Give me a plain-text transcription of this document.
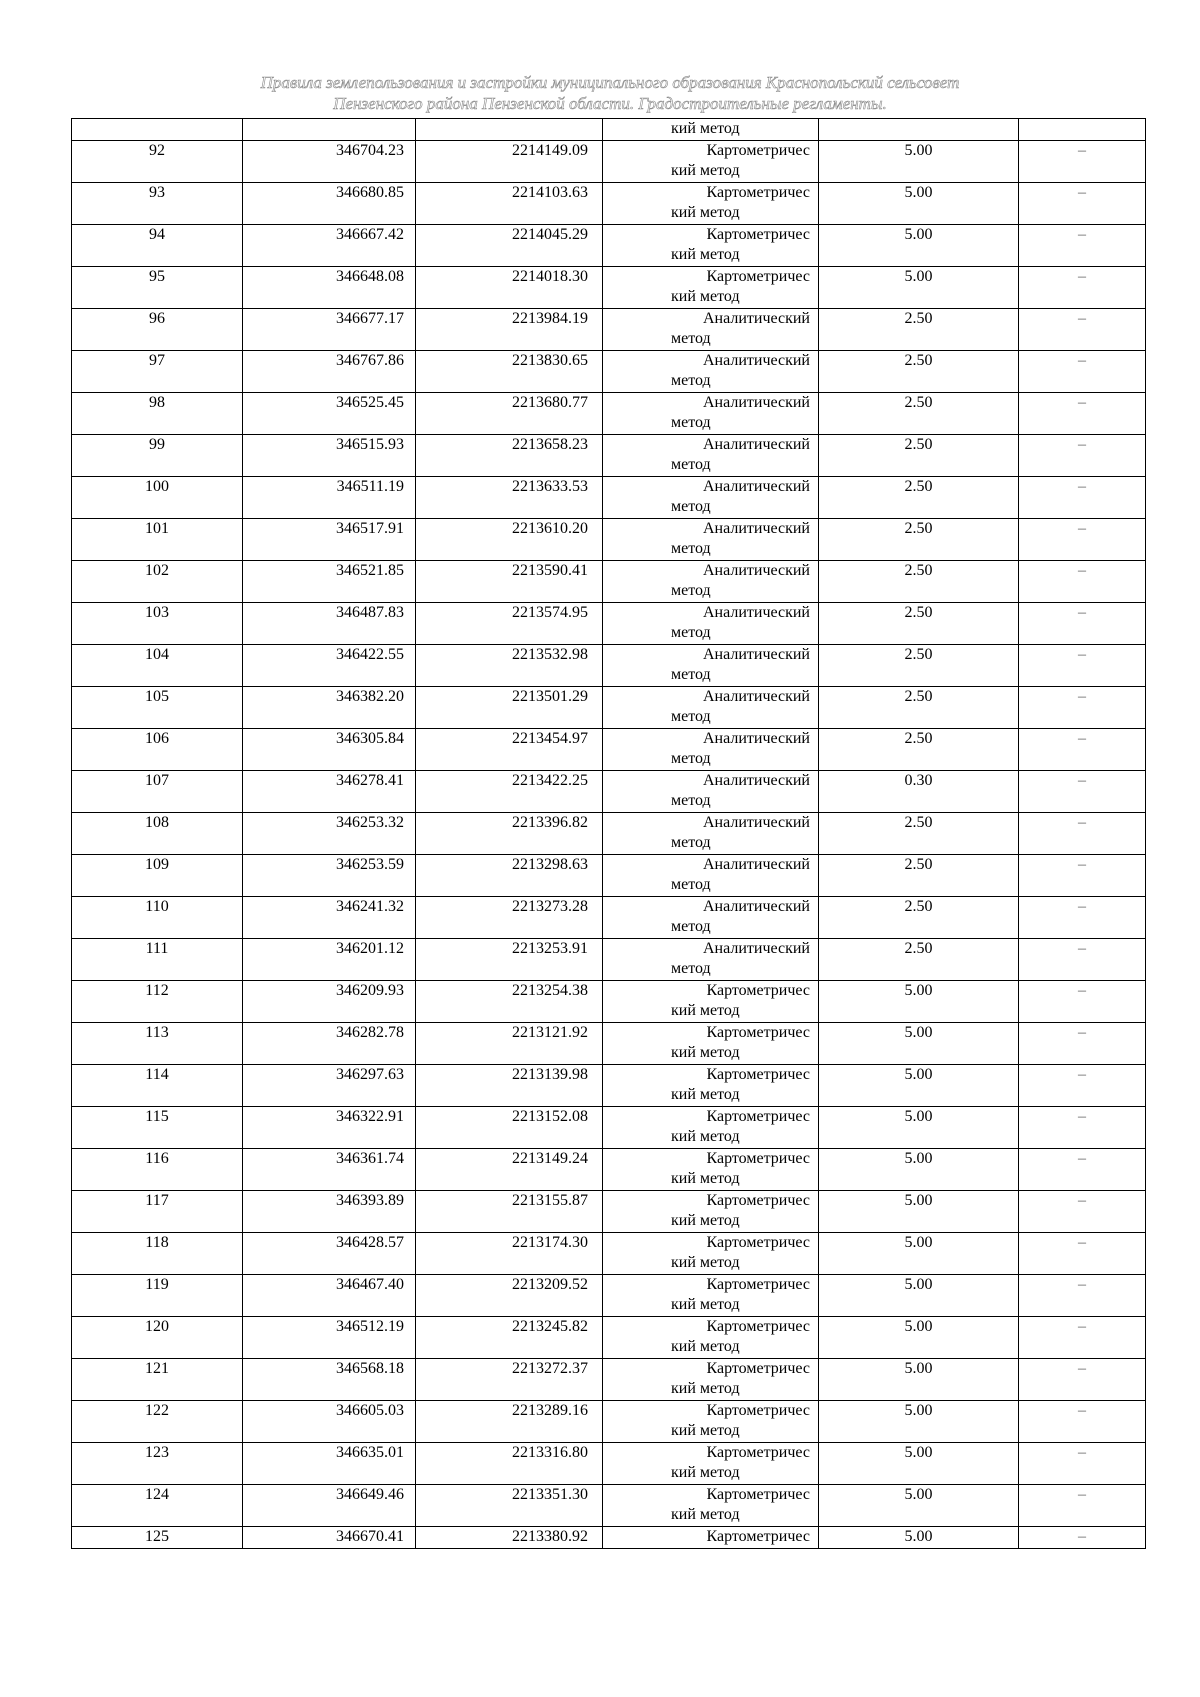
Правила землепользования и застройки муниципального образования Краснопольский сельсовет
Пензенского района Пензенской области. Градостроительные регламенты.

			кий метод		

92	346704.23	2214149.09	Картометричес
кий метод	5.00	–
93	346680.85	2214103.63	Картометричес
кий метод	5.00	–
94	346667.42	2214045.29	Картометричес
кий метод	5.00	–
95	346648.08	2214018.30	Картометричес
кий метод	5.00	–
96	346677.17	2213984.19	Аналитический
метод	2.50	–
97	346767.86	2213830.65	Аналитический
метод	2.50	–
98	346525.45	2213680.77	Аналитический
метод	2.50	–
99	346515.93	2213658.23	Аналитический
метод	2.50	–
100	346511.19	2213633.53	Аналитический
метод	2.50	–
101	346517.91	2213610.20	Аналитический
метод	2.50	–
102	346521.85	2213590.41	Аналитический
метод	2.50	–
103	346487.83	2213574.95	Аналитический
метод	2.50	–
104	346422.55	2213532.98	Аналитический
метод	2.50	–
105	346382.20	2213501.29	Аналитический
метод	2.50	–
106	346305.84	2213454.97	Аналитический
метод	2.50	–
107	346278.41	2213422.25	Аналитический
метод	0.30	–
108	346253.32	2213396.82	Аналитический
метод	2.50	–
109	346253.59	2213298.63	Аналитический
метод	2.50	–
110	346241.32	2213273.28	Аналитический
метод	2.50	–
111	346201.12	2213253.91	Аналитический
метод	2.50	–
112	346209.93	2213254.38	Картометричес
кий метод	5.00	–
113	346282.78	2213121.92	Картометричес
кий метод	5.00	–
114	346297.63	2213139.98	Картометричес
кий метод	5.00	–
115	346322.91	2213152.08	Картометричес
кий метод	5.00	–
116	346361.74	2213149.24	Картометричес
кий метод	5.00	–
117	346393.89	2213155.87	Картометричес
кий метод	5.00	–
118	346428.57	2213174.30	Картометричес
кий метод	5.00	–
119	346467.40	2213209.52	Картометричес
кий метод	5.00	–
120	346512.19	2213245.82	Картометричес
кий метод	5.00	–
121	346568.18	2213272.37	Картометричес
кий метод	5.00	–
122	346605.03	2213289.16	Картометричес
кий метод	5.00	–
123	346635.01	2213316.80	Картометричес
кий метод	5.00	–
124	346649.46	2213351.30	Картометричес
кий метод	5.00	–
125	346670.41	2213380.92	Картометричес	5.00	–
